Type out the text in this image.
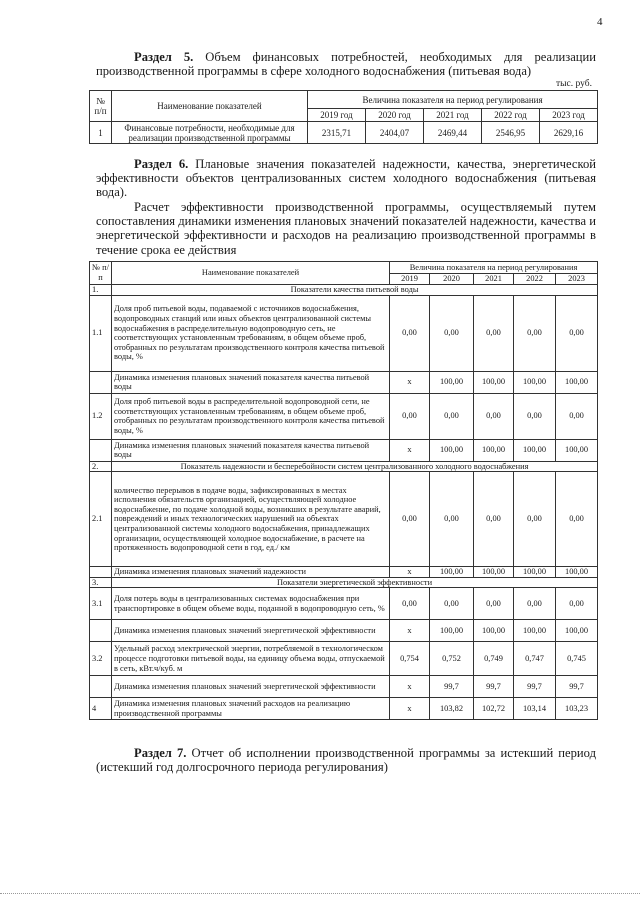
4
Раздел 5. Объем финансовых потребностей, необходимых для реализации производственной программы в сфере холодного водоснабжения (питьевая вода)
тыс. руб.
№ п/п	Наименование показателей	Величина показателя на период регулирования				
		2019 год	2020 год	2021 год	2022 год	2023 год
1	Финансовые потребности, необходимые для реализации производственной программы	2315,71	2404,07	2469,44	2546,95	2629,16
Раздел 6. Плановые значения показателей надежности, качества, энергетической эффективности объектов централизованных систем холодного водоснабжения (питьевая вода).
Расчет эффективности производственной программы, осуществляемый путем сопоставления динамики изменения плановых значений показателей надежности, качества и энергетической эффективности и расходов на реализацию производственной программы в течение срока ее действия
№ п/п	Наименование показателей	Величина показателя на период регулирования				
		2019	2020	2021	2022	2023
1.	Показатели качества питьевой воды					
1.1	Доля проб питьевой воды, подаваемой с источников водоснабжения, водопроводных станций или иных объектов централизованной системы водоснабжения в распределительную водопроводную сеть, не соответствующих установленным требованиям, в общем объеме проб, отобранных по результатам производственного контроля качества питьевой воды, %	0,00	0,00	0,00	0,00	0,00
	Динамика изменения плановых значений показателя качества питьевой воды	х	100,00	100,00	100,00	100,00
1.2	Доля проб питьевой воды в распределительной водопроводной сети, не соответствующих установленным требованиям, в общем объеме проб, отобранных по результатам производственного контроля качества питьевой воды, %	0,00	0,00	0,00	0,00	0,00
	Динамика изменения плановых значений показателя качества питьевой воды	х	100,00	100,00	100,00	100,00
2.	Показатель надежности и бесперебойности систем централизованного холодного водоснабжения					
2.1	количество перерывов в подаче воды, зафиксированных в местах исполнения обязательств организацией, осуществляющей холодное водоснабжение, по подаче холодной воды, возникших в результате аварий, повреждений и иных технологических нарушений на объектах централизованной системы холодного водоснабжения, принадлежащих организации, осуществляющей холодное водоснабжение, в расчете на протяженность водопроводной сети в год, ед./ км	0,00	0,00	0,00	0,00	0,00
	Динамика изменения плановых значений надежности	х	100,00	100,00	100,00	100,00
3.	Показатели энергетической эффективности					
3.1	Доля потерь воды в централизованных системах водоснабжения при транспортировке в общем объеме воды, поданной в водопроводную сеть, %	0,00	0,00	0,00	0,00	0,00
	Динамика изменения плановых значений энергетической эффективности	х	100,00	100,00	100,00	100,00
3.2	Удельный расход электрической энергии, потребляемой в технологическом процессе подготовки питьевой воды, на единицу объема воды, отпускаемой в сеть, кВт.ч/куб. м	0,754	0,752	0,749	0,747	0,745
	Динамика изменения плановых значений энергетической эффективности	х	99,7	99,7	99,7	99,7
4	Динамика изменения плановых значений расходов на реализацию производственной программы	х	103,82	102,72	103,14	103,23
Раздел 7. Отчет об исполнении производственной программы за истекший период (истекший год долгосрочного периода регулирования)
